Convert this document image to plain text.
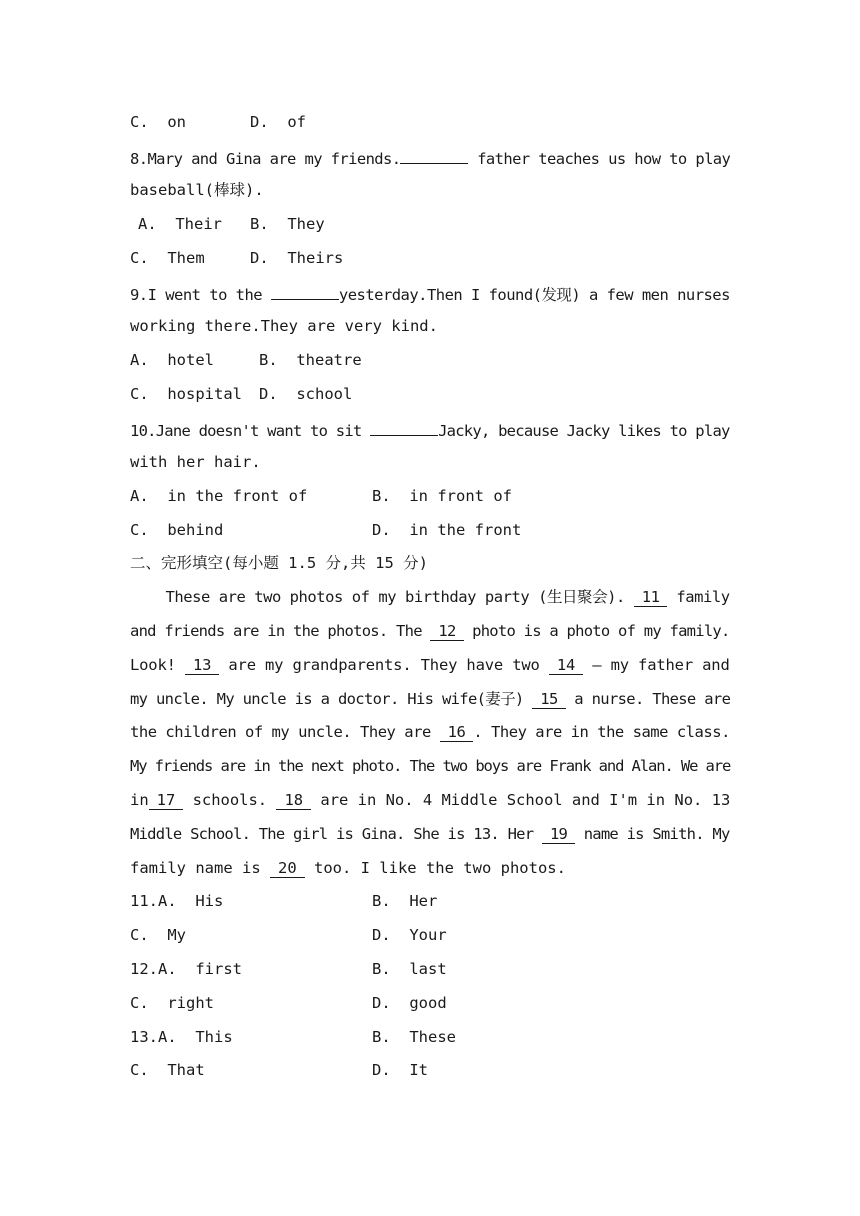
C.  on	D.  of
8.Mary and Gina are my friends.	father teaches us how to play
baseball(棒球).
A.  Their B.  They
C.  Them	D.  Theirs
9.I went to the	yesterday.Then I found(发现) a few men nurses
working there.They are very kind.
A.  hotel	B.  theatre
C.  hospital D.  school
10.Jane doesn't want to sit	Jacky, because Jacky likes to play
with her hair.
A.  in the front of	B.  in front of
C.  behind	D.  in the front
二、完形填空(每小题 1.5 分,共 15 分)
These are two photos of my birthday party (生日聚会). 11 family
and friends are in the photos. The 12 photo is a photo of my family.
Look! 13 are my grandparents. They have two 14 — my father and
my uncle. My uncle is a doctor. His wife(妻子) 15 a nurse. These are
the children of my uncle. They are 16 . They are in the same class.
My friends are in the next photo. The two boys are Frank and Alan. We are
in 17 schools. 18 are in No. 4 Middle School and I'm in No. 13
Middle School. The girl is Gina. She is 13. Her 19 name is Smith. My
family name is 20 too. I like the two photos.
11.A.  His	B.  Her
C.  My	D.  Your
12.A.  first	B.  last
C.  right	D.  good
13.A.  This	B.  These
C.  That	D.  It
